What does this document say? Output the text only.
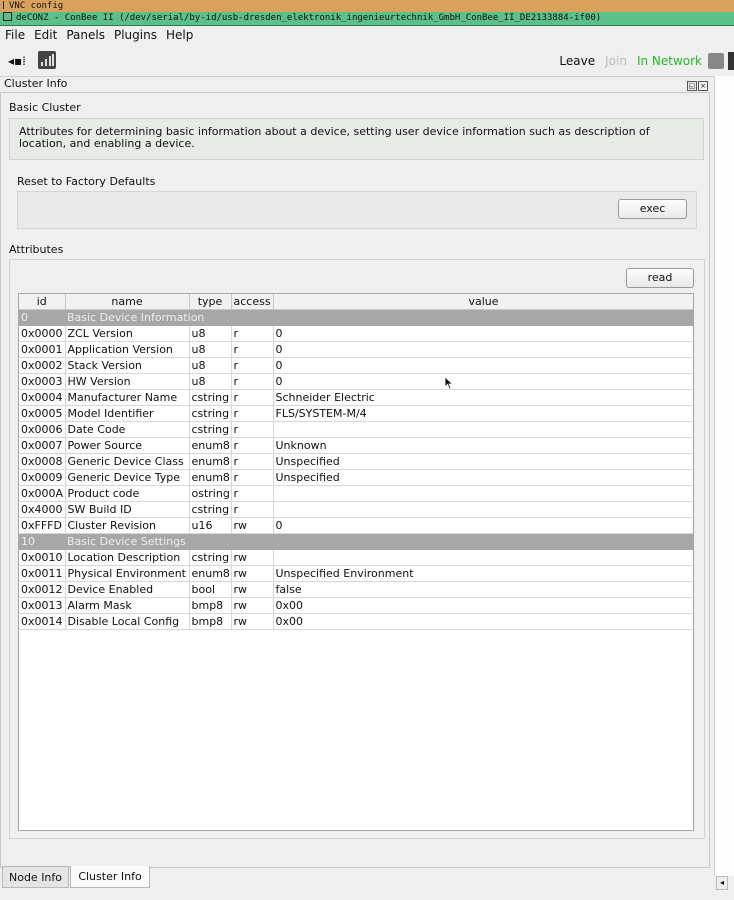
VNC config
deCONZ - ConBee II (/dev/serial/by-id/usb-dresden_elektronik_ingenieurtechnik_GmbH_ConBee_II_DE2133884-if00)
File Edit Panels Plugins Help
◂▪⁞	Leave Join In Network
Cluster Info	◱ ×
◂
Basic Cluster
Attributes for determining basic information about a device, setting user device information such as description of location, and enabling a device.
Reset to Factory Defaults
exec
Attributes
read
id	name	type	access	value
0	Basic Device Information			
0x0000	ZCL Version	u8	r	0
0x0001	Application Version	u8	r	0
0x0002	Stack Version	u8	r	0
0x0003	HW Version	u8	r	0
0x0004	Manufacturer Name	cstring	r	Schneider Electric
0x0005	Model Identifier	cstring	r	FLS/SYSTEM-M/4
0x0006	Date Code	cstring	r	
0x0007	Power Source	enum8	r	Unknown
0x0008	Generic Device Class	enum8	r	Unspecified
0x0009	Generic Device Type	enum8	r	Unspecified
0x000A	Product code	ostring	r	
0x4000	SW Build ID	cstring	r	
0xFFFD	Cluster Revision	u16	rw	0
10	Basic Device Settings			
0x0010	Location Description	cstring	rw	
0x0011	Physical Environment	enum8	rw	Unspecified Environment
0x0012	Device Enabled	bool	rw	false
0x0013	Alarm Mask	bmp8	rw	0x00
0x0014	Disable Local Config	bmp8	rw	0x00
Node Info	Cluster Info
